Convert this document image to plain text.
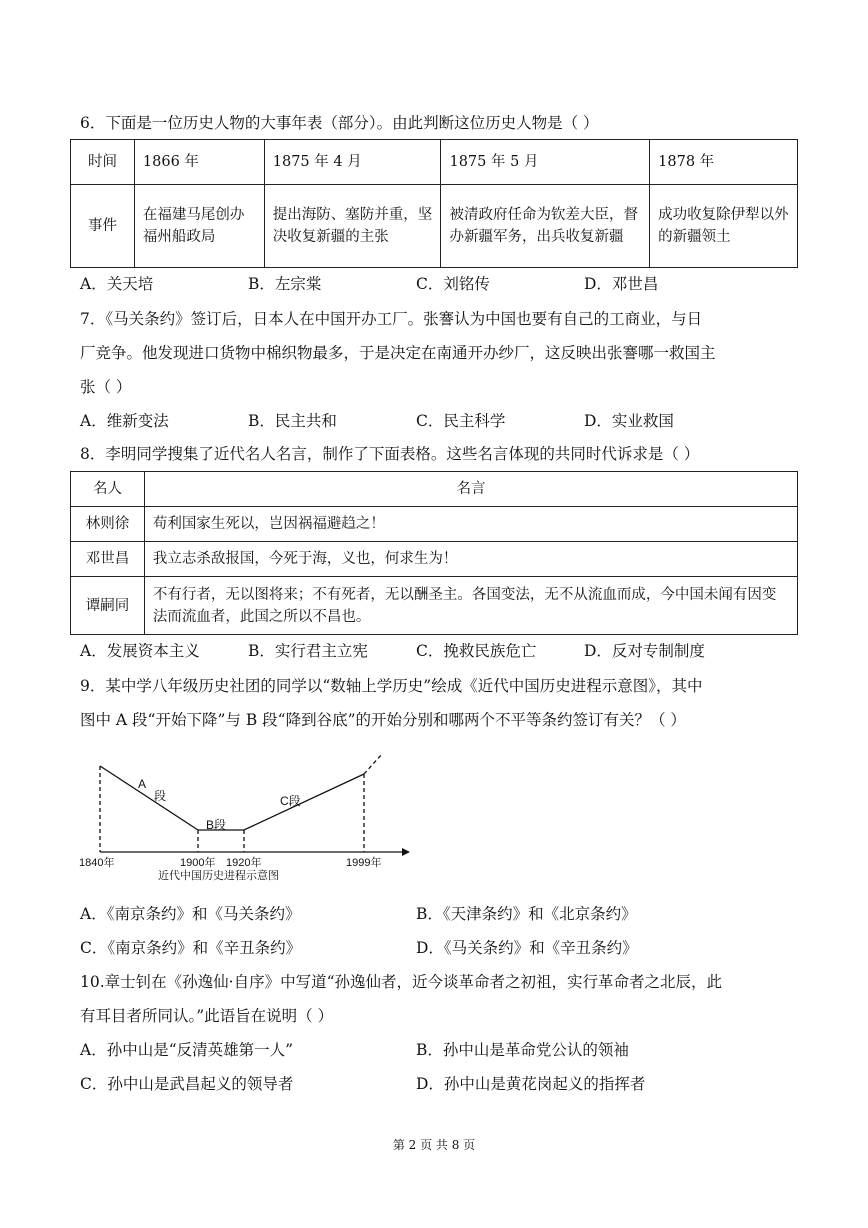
6．下面是一位历史人物的大事年表（部分）。由此判断这位历史人物是（ ）
时间	1866 年	1875 年 4 月	1875 年 5 月	1878 年
事件	在福建马尾创办福州船政局	提出海防、塞防并重，坚决收复新疆的主张	被清政府任命为钦差大臣，督办新疆军务，出兵收复新疆	成功收复除伊犁以外的新疆领土
A．关天培	B．左宗棠	C．刘铭传	D．邓世昌
7．《马关条约》签订后，日本人在中国开办工厂。张謇认为中国也要有自己的工商业，与日
厂竞争。他发现进口货物中棉织物最多，于是决定在南通开办纱厂，这反映出张謇哪一救国主
张（ ）
A．维新变法	B．民主共和	C．民主科学	D．实业救国
8．李明同学搜集了近代名人名言，制作了下面表格。这些名言体现的共同时代诉求是（ ）
名人	名言
林则徐	苟利国家生死以，岂因祸福避趋之！
邓世昌	我立志杀敌报国，今死于海，义也，何求生为！
谭嗣同	不有行者，无以图将来；不有死者，无以酬圣主。各国变法，无不从流血而成，今中国未闻有因变法而流血者，此国之所以不昌也。
A．发展资本主义	B．实行君主立宪	C．挽救民族危亡	D．反对专制制度
9．某中学八年级历史社团的同学以“数轴上学历史”绘成《近代中国历史进程示意图》，其中
图中 A 段“开始下降”与 B 段“降到谷底”的开始分别和哪两个不平等条约签订有关？（ ）
A
段
B段
C段
1840年	1900年 1920年	1999年
近代中国历史进程示意图
A．《南京条约》和《马关条约》	B．《天津条约》和《北京条约》
C．《南京条约》和《辛丑条约》	D．《马关条约》和《辛丑条约》
10.章士钊在《孙逸仙·自序》中写道“孙逸仙者，近今谈革命者之初祖，实行革命者之北辰，此
有耳目者所同认。”此语旨在说明（ ）
A．孙中山是“反清英雄第一人”	B．孙中山是革命党公认的领袖
C．孙中山是武昌起义的领导者	D．孙中山是黄花岗起义的指挥者
第 2 页 共 8 页
